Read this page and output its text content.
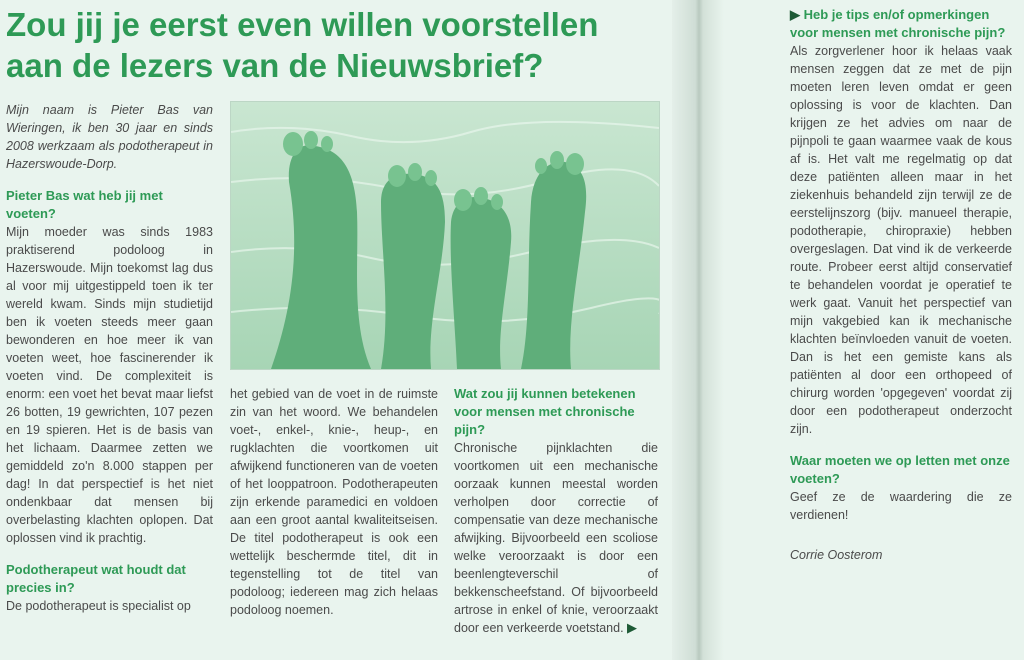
Zou jij je eerst even willen voorstellen aan de lezers van de Nieuwsbrief?

Mijn naam is Pieter Bas van Wieringen, ik ben 30 jaar en sinds 2008 werkzaam als podotherapeut in Hazerswoude-Dorp.

Pieter Bas wat heb jij met voeten?

Mijn moeder was sinds 1983 praktiserend podoloog in Hazerswoude. Mijn toekomst lag dus al voor mij uitgestippeld toen ik ter wereld kwam. Sinds mijn studietijd ben ik voeten steeds meer gaan bewonderen en hoe meer ik van voeten weet, hoe fascinerender ik voeten vind. De complexiteit is enorm: een voet het bevat maar liefst 26 botten, 19 gewrichten, 107 pezen en 19 spieren. Het is de basis van het lichaam. Daarmee zetten we gemiddeld zo'n 8.000 stappen per dag! In dat perspectief is het niet ondenkbaar dat mensen bij overbelasting klachten oplopen. Dat oplossen vind ik prachtig.

Podotherapeut wat houdt dat precies in?

De podotherapeut is specialist op

het gebied van de voet in de ruimste zin van het woord. We behandelen voet-, enkel-, knie-, heup-, en rugklachten die voortkomen uit afwijkend functioneren van de voeten of het looppatroon. Podotherapeuten zijn erkende paramedici en voldoen aan een groot aantal kwaliteitseisen. De titel podotherapeut is ook een wettelijk beschermde titel, dit in tegenstelling tot de titel van podoloog; iedereen mag zich helaas podoloog noemen.

Wat zou jij kunnen betekenen voor mensen met chronische pijn?

Chronische pijnklachten die voortkomen uit een mechanische oorzaak kunnen meestal worden verholpen door correctie of compensatie van deze mechanische afwijking. Bijvoorbeeld een scoliose welke veroorzaakt is door een beenlengteverschil of bekkenscheefstand. Of bijvoorbeeld artrose in enkel of knie, veroorzaakt door een verkeerde voetstand. ▶

▶ Heb je tips en/of opmerkingen voor mensen met chronische pijn?

Als zorgverlener hoor ik helaas vaak mensen zeggen dat ze met de pijn moeten leren leven omdat er geen oplossing is voor de klachten. Dan krijgen ze het advies om naar de pijnpoli te gaan waarmee vaak de kous af is. Het valt me regelmatig op dat deze patiënten alleen maar in het ziekenhuis behandeld zijn terwijl ze de eerstelijnszorg (bijv. manueel therapie, podotherapie, chiropraxie) hebben overgeslagen. Dat vind ik de verkeerde route. Probeer eerst altijd conservatief te behandelen voordat je operatief te werk gaat. Vanuit het perspectief van mijn vakgebied kan ik mechanische klachten beïnvloeden vanuit de voeten. Dan is het een gemiste kans als patiënten al door een orthopeed of chirurg worden 'opgegeven' voordat zij door een podotherapeut onderzocht zijn.

Waar moeten we op letten met onze voeten?

Geef ze de waardering die ze verdienen!

Corrie Oosterom
